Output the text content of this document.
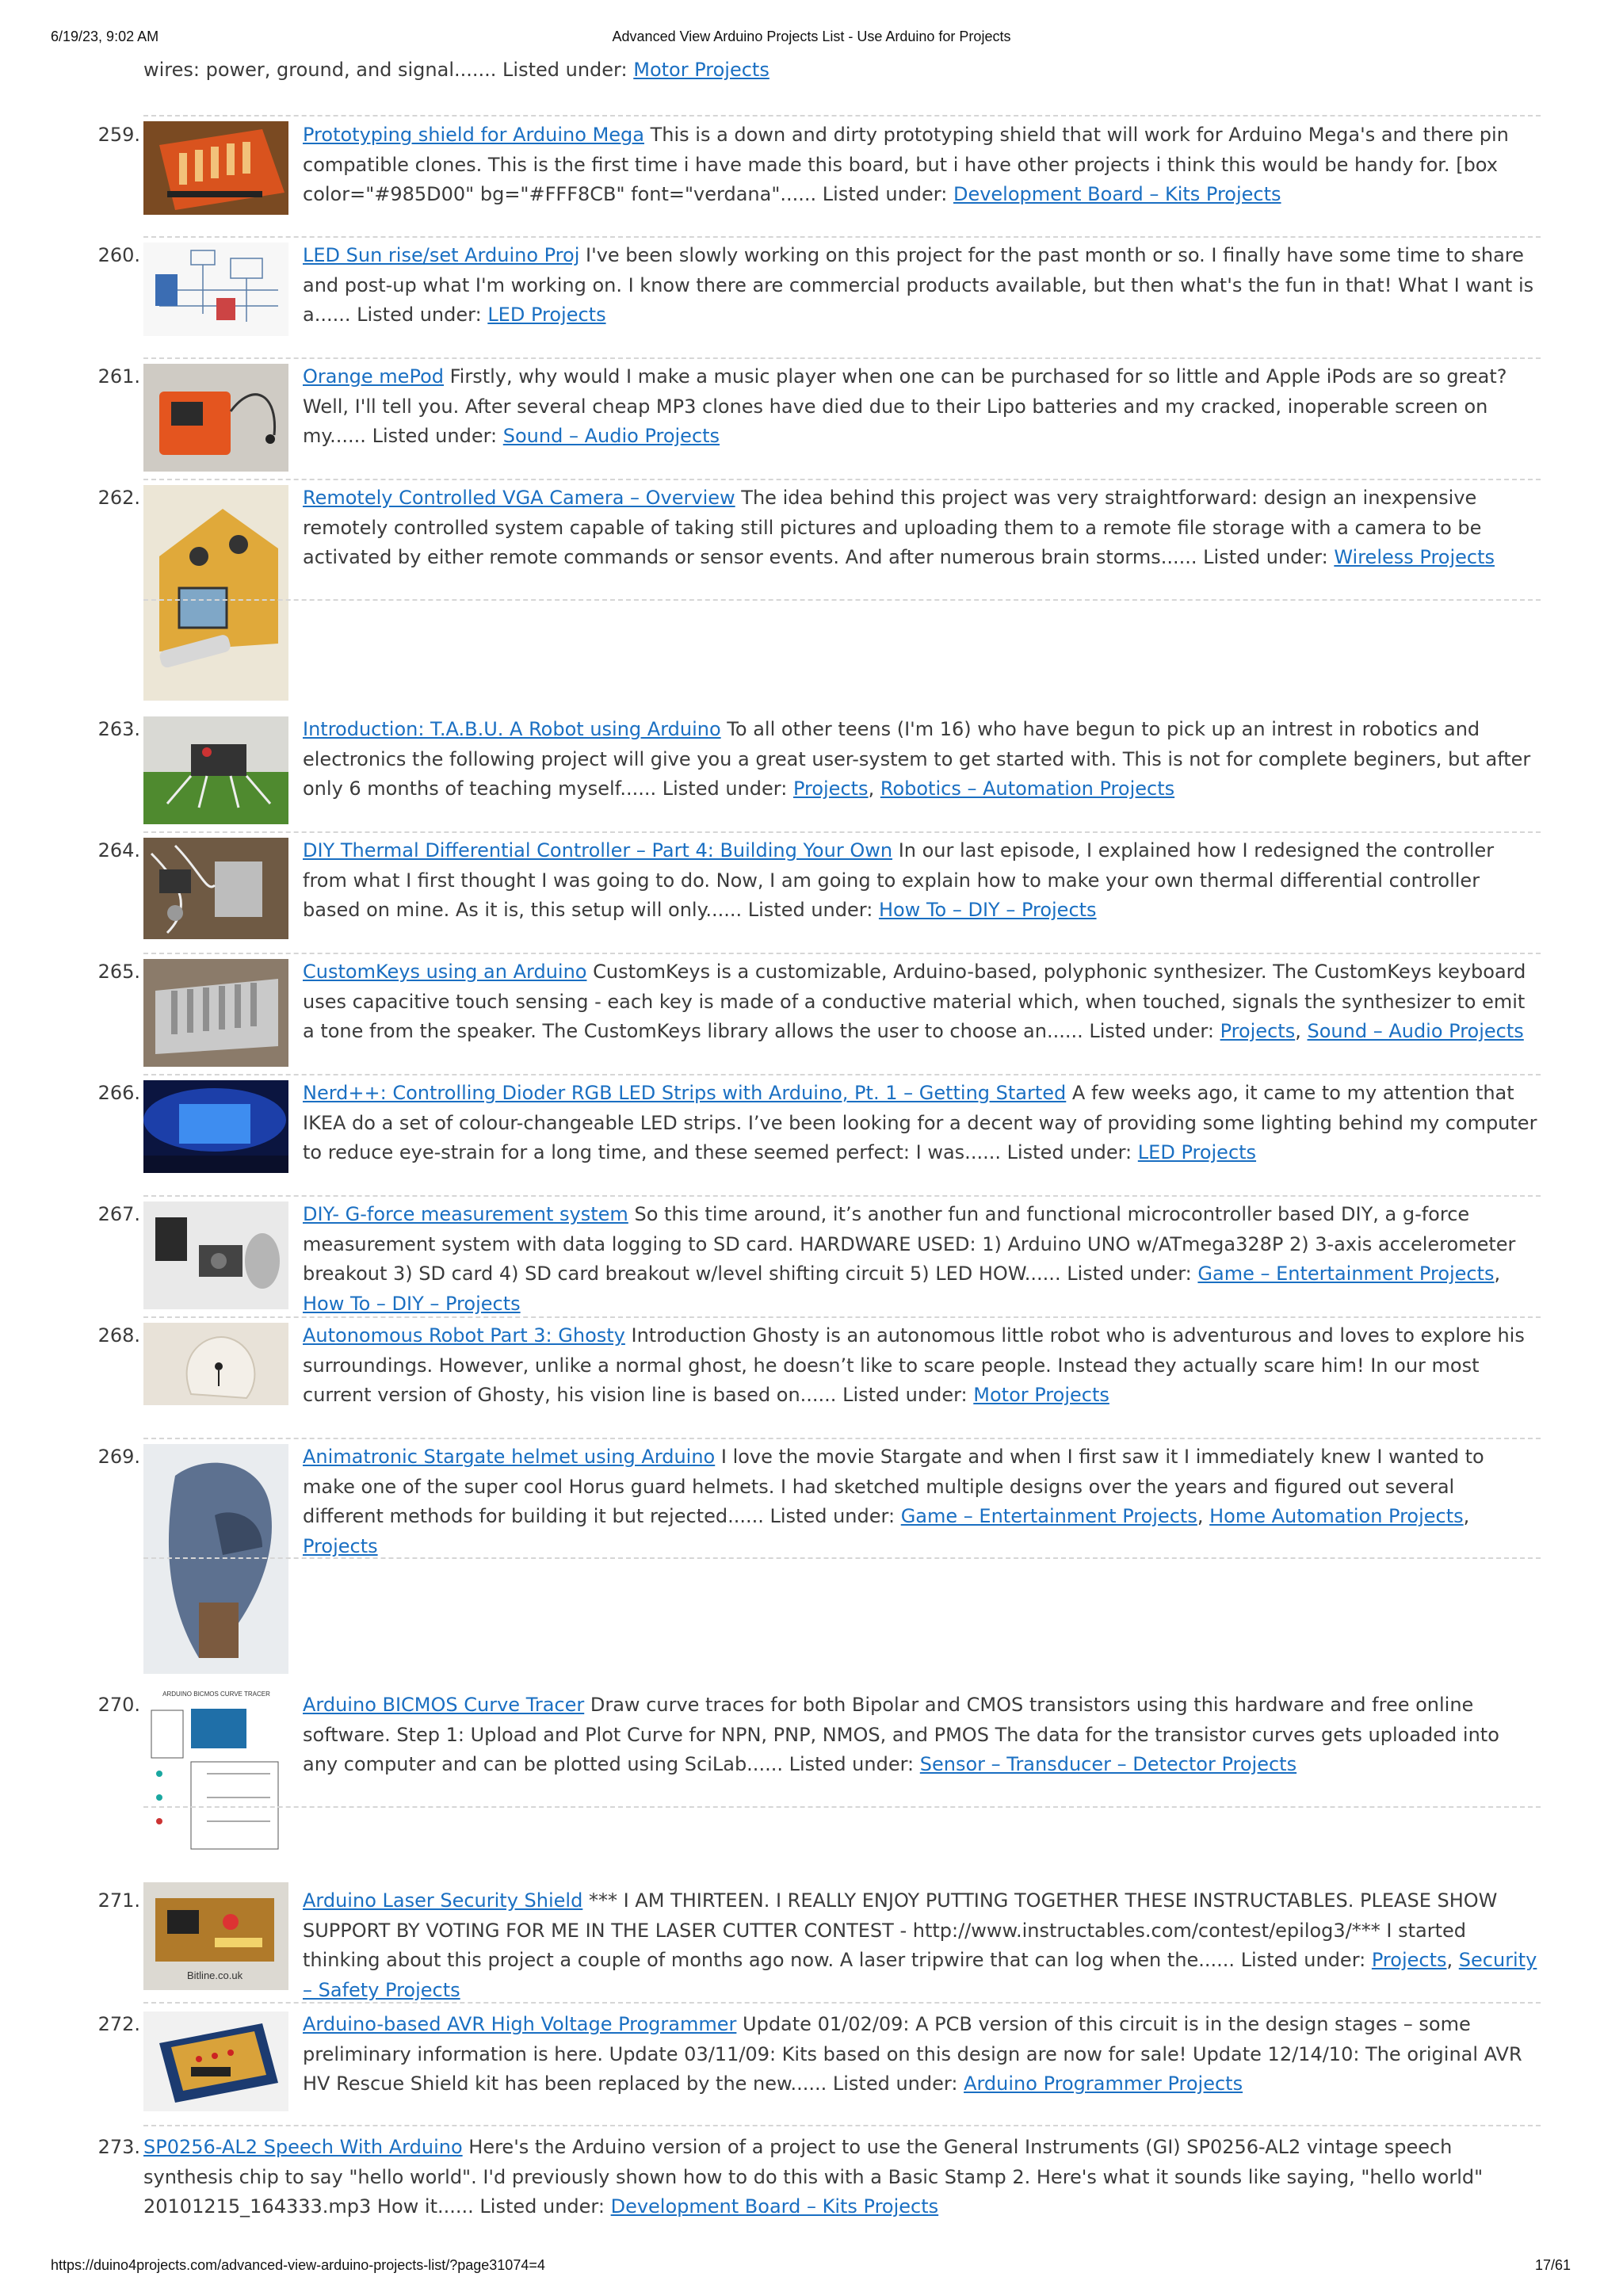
6/19/23, 9:02 AM	Advanced View Arduino Projects List - Use Arduino for Projects
wires: power, ground, and signal....... Listed under: Motor Projects
259.	Prototyping shield for Arduino Mega This is a down and dirty prototyping shield that will work for Arduino Mega's and there pin compatible clones. This is the first time i have made this board, but i have other projects i think this would be handy for. [box color="#985D00" bg="#FFF8CB" font="verdana"...... Listed under: Development Board – Kits Projects
260.	LED Sun rise/set Arduino Proj I've been slowly working on this project for the past month or so. I finally have some time to share and post-up what I'm working on. I know there are commercial products available, but then what's the fun in that! What I want is a...... Listed under: LED Projects
261.	Orange mePod Firstly, why would I make a music player when one can be purchased for so little and Apple iPods are so great? Well, I'll tell you. After several cheap MP3 clones have died due to their Lipo batteries and my cracked, inoperable screen on my...... Listed under: Sound – Audio Projects
262.	Remotely Controlled VGA Camera – Overview The idea behind this project was very straightforward: design an inexpensive remotely controlled system capable of taking still pictures and uploading them to a remote file storage with a camera to be activated by either remote commands or sensor events. And after numerous brain storms...... Listed under: Wireless Projects
263.	Introduction: T.A.B.U. A Robot using Arduino To all other teens (I'm 16) who have begun to pick up an intrest in robotics and electronics the following project will give you a great user-system to get started with. This is not for complete beginers, but after only 6 months of teaching myself...... Listed under: Projects, Robotics – Automation Projects
264.	DIY Thermal Differential Controller – Part 4: Building Your Own In our last episode, I explained how I redesigned the controller from what I first thought I was going to do. Now, I am going to explain how to make your own thermal differential controller based on mine. As it is, this setup will only...... Listed under: How To – DIY – Projects
265.	CustomKeys using an Arduino CustomKeys is a customizable, Arduino-based, polyphonic synthesizer. The CustomKeys keyboard uses capacitive touch sensing - each key is made of a conductive material which, when touched, signals the synthesizer to emit a tone from the speaker. The CustomKeys library allows the user to choose an...... Listed under: Projects, Sound – Audio Projects
266.	Nerd++: Controlling Dioder RGB LED Strips with Arduino, Pt. 1 – Getting Started A few weeks ago, it came to my attention that IKEA do a set of colour-changeable LED strips. I’ve been looking for a decent way of providing some lighting behind my computer to reduce eye-strain for a long time, and these seemed perfect: I was...... Listed under: LED Projects
267.	DIY- G-force measurement system So this time around, it’s another fun and functional microcontroller based DIY, a g-force measurement system with data logging to SD card. HARDWARE USED: 1) Arduino UNO w/ATmega328P 2) 3-axis accelerometer breakout 3) SD card 4) SD card breakout w/level shifting circuit 5) LED HOW...... Listed under: Game – Entertainment Projects, How To – DIY – Projects
268.	Autonomous Robot Part 3: Ghosty Introduction Ghosty is an autonomous little robot who is adventurous and loves to explore his surroundings. However, unlike a normal ghost, he doesn’t like to scare people. Instead they actually scare him! In our most current version of Ghosty, his vision line is based on...... Listed under: Motor Projects
269.	Animatronic Stargate helmet using Arduino I love the movie Stargate and when I first saw it I immediately knew I wanted to make one of the super cool Horus guard helmets. I had sketched multiple designs over the years and figured out several different methods for building it but rejected...... Listed under: Game – Entertainment Projects, Home Automation Projects, Projects
270.	ARDUINO BICMOS CURVE TRACER Arduino BICMOS Curve Tracer Draw curve traces for both Bipolar and CMOS transistors using this hardware and free online software. Step 1: Upload and Plot Curve for NPN, PNP, NMOS, and PMOS The data for the transistor curves gets uploaded into any computer and can be plotted using SciLab...... Listed under: Sensor – Transducer – Detector Projects
271.
Bitline.co.uk
Arduino Laser Security Shield *** I AM THIRTEEN. I REALLY ENJOY PUTTING TOGETHER THESE INSTRUCTABLES. PLEASE SHOW SUPPORT BY VOTING FOR ME IN THE LASER CUTTER CONTEST - http://www.instructables.com/contest/epilog3/*** I started thinking about this project a couple of months ago now. A laser tripwire that can log when the...... Listed under: Projects, Security – Safety Projects
272.	Arduino-based AVR High Voltage Programmer Update 01/02/09: A PCB version of this circuit is in the design stages – some preliminary information is here. Update 03/11/09: Kits based on this design are now for sale! Update 12/14/10: The original AVR HV Rescue Shield kit has been replaced by the new...... Listed under: Arduino Programmer Projects
273. SP0256-AL2 Speech With Arduino Here's the Arduino version of a project to use the General Instruments (GI) SP0256-AL2 vintage speech synthesis chip to say "hello world". I'd previously shown how to do this with a Basic Stamp 2. Here's what it sounds like saying, "hello world" 20101215_164333.mp3 How it...... Listed under: Development Board – Kits Projects
https://duino4projects.com/advanced-view-arduino-projects-list/?page31074=4	17/61
